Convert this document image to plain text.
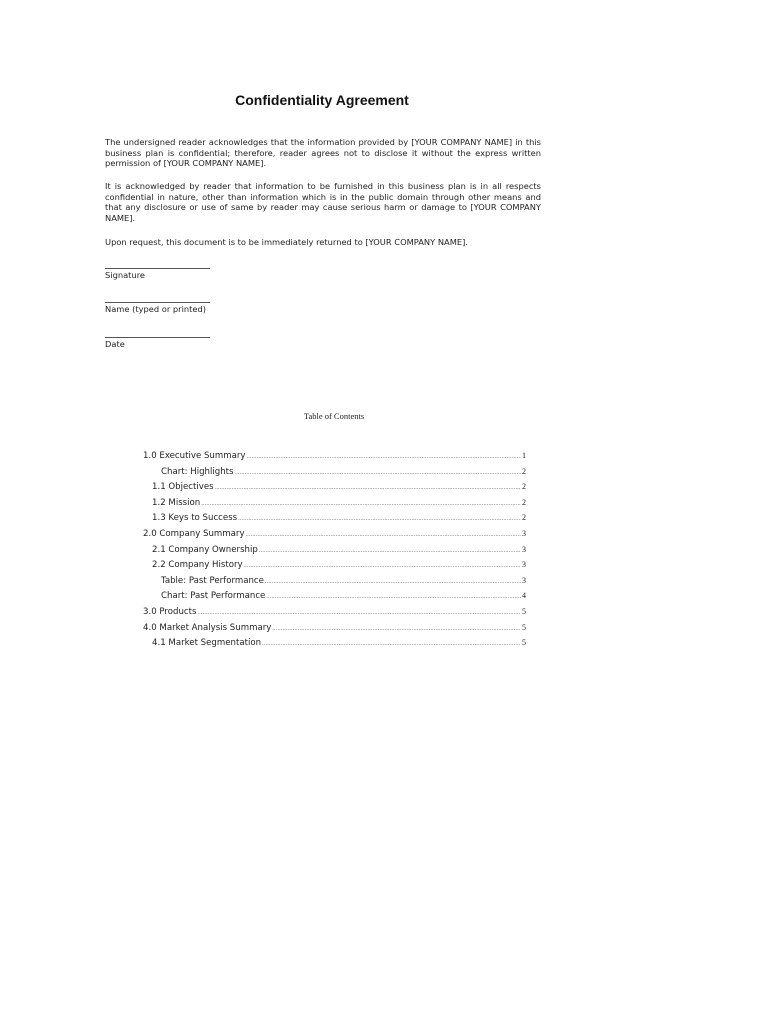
Confidentiality Agreement

The undersigned reader acknowledges that the information provided by [YOUR COMPANY NAME] in this business plan is confidential; therefore, reader agrees not to disclose it without the express written permission of [YOUR COMPANY NAME].

It is acknowledged by reader that information to be furnished in this business plan is in all respects confidential in nature, other than information which is in the public domain through other means and that any disclosure or use of same by reader may cause serious harm or damage to [YOUR COMPANY NAME].

Upon request, this document is to be immediately returned to [YOUR COMPANY NAME].

Signature
Name (typed or printed)
Date
Table of Contents
1.0 Executive Summary .....	1
Chart: Highlights .....	2
1.1 Objectives .....	2
1.2 Mission .....	2
1.3 Keys to Success .....	2
2.0 Company Summary .....	3
2.1 Company Ownership .....	3
2.2 Company History .....	3
Table: Past Performance .....	3
Chart: Past Performance .....	4
3.0 Products .....	5
4.0 Market Analysis Summary .....	5
4.1 Market Segmentation .....	5
